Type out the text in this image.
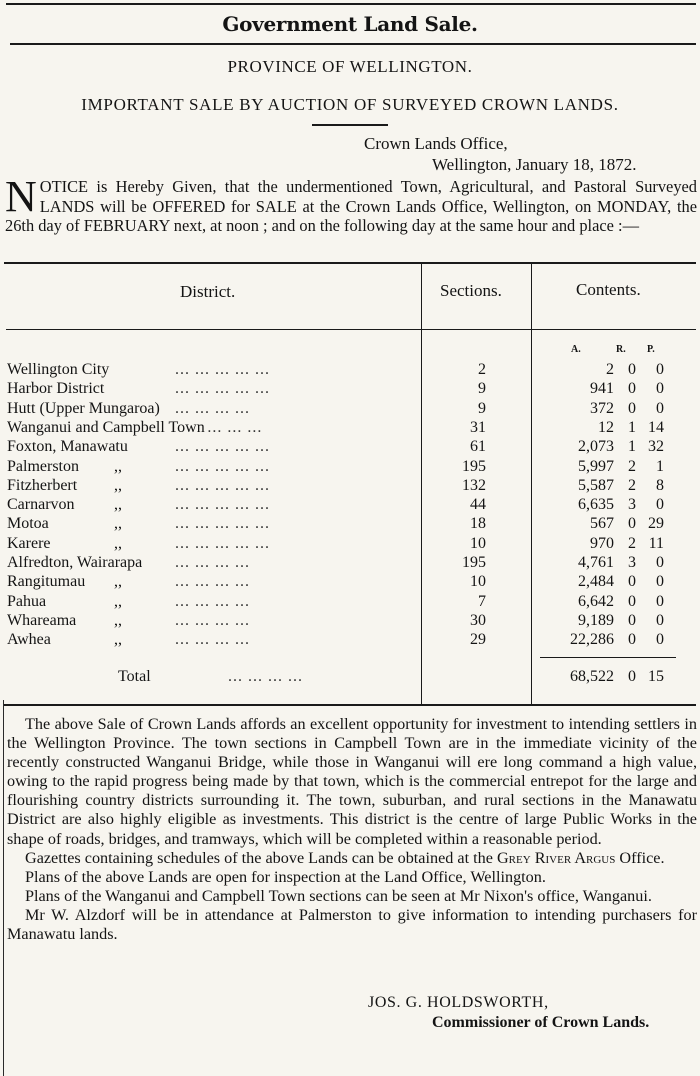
Government Land Sale.
PROVINCE OF WELLINGTON.
IMPORTANT SALE BY AUCTION OF SURVEYED CROWN LANDS.
Crown Lands Office,
Wellington, January 18, 1872.
NOTICE is Hereby Given, that the undermentioned Town, Agricultural, and Pastoral Surveyed LANDS will be OFFERED for SALE at the Crown Lands Office, Wellington, on MONDAY, the 26th day of FEBRUARY next, at noon ; and on the following day at the same hour and place :—
District.	Sections.	Contents.
A.	R. P.
Wellington City	... ... ... ... ...	2	2 0	0
Harbor District	... ... ... ... ...	9	941 0	0
Hutt (Upper Mungaroa) ... ... ... ...	9	372 0	0
Wanganui and Campbell Town ... ... ...	31	12 1 14
Foxton, Manawatu	... ... ... ... ...	61	2,073 1 32
Palmerston ,,	... ... ... ... ...	195	5,997 2	1
Fitzherbert ,,	... ... ... ... ...	132	5,587 2	8
Carnarvon ,,	... ... ... ... ...	44	6,635 3	0
Motoa	,,	... ... ... ... ...	18	567 0 29
Karere	,,	... ... ... ... ...	10	970 2 11
Alfredton, Wairarapa ... ... ... ...	195	4,761 3	0
Rangitumau ,,	... ... ... ...	10	2,484 0	0
Pahua	,,	... ... ... ...	7	6,642 0	0
Whareama ,,	... ... ... ...	30	9,189 0	0
Awhea	,,	... ... ... ...	29	22,286 0	0
Total	... ... ... ...	68,522 0 15

The above Sale of Crown Lands affords an excellent opportunity for investment to intending settlers in the Wellington Province. The town sections in Campbell Town are in the immediate vicinity of the recently constructed Wanganui Bridge, while those in Wanganui will ere long command a high value, owing to the rapid progress being made by that town, which is the commercial entrepot for the large and flourishing country districts surrounding it. The town, suburban, and rural sections in the Manawatu District are also highly eligible as investments. This district is the centre of large Public Works in the shape of roads, bridges, and tramways, which will be completed within a reasonable period.

Gazettes containing schedules of the above Lands can be obtained at the Grey River Argus Office.

Plans of the above Lands are open for inspection at the Land Office, Wellington.

Plans of the Wanganui and Campbell Town sections can be seen at Mr Nixon's office, Wanganui.

Mr W. Alzdorf will be in attendance at Palmerston to give information to intending purchasers for Manawatu lands.

JOS. G. HOLDSWORTH,
Commissioner of Crown Lands.
